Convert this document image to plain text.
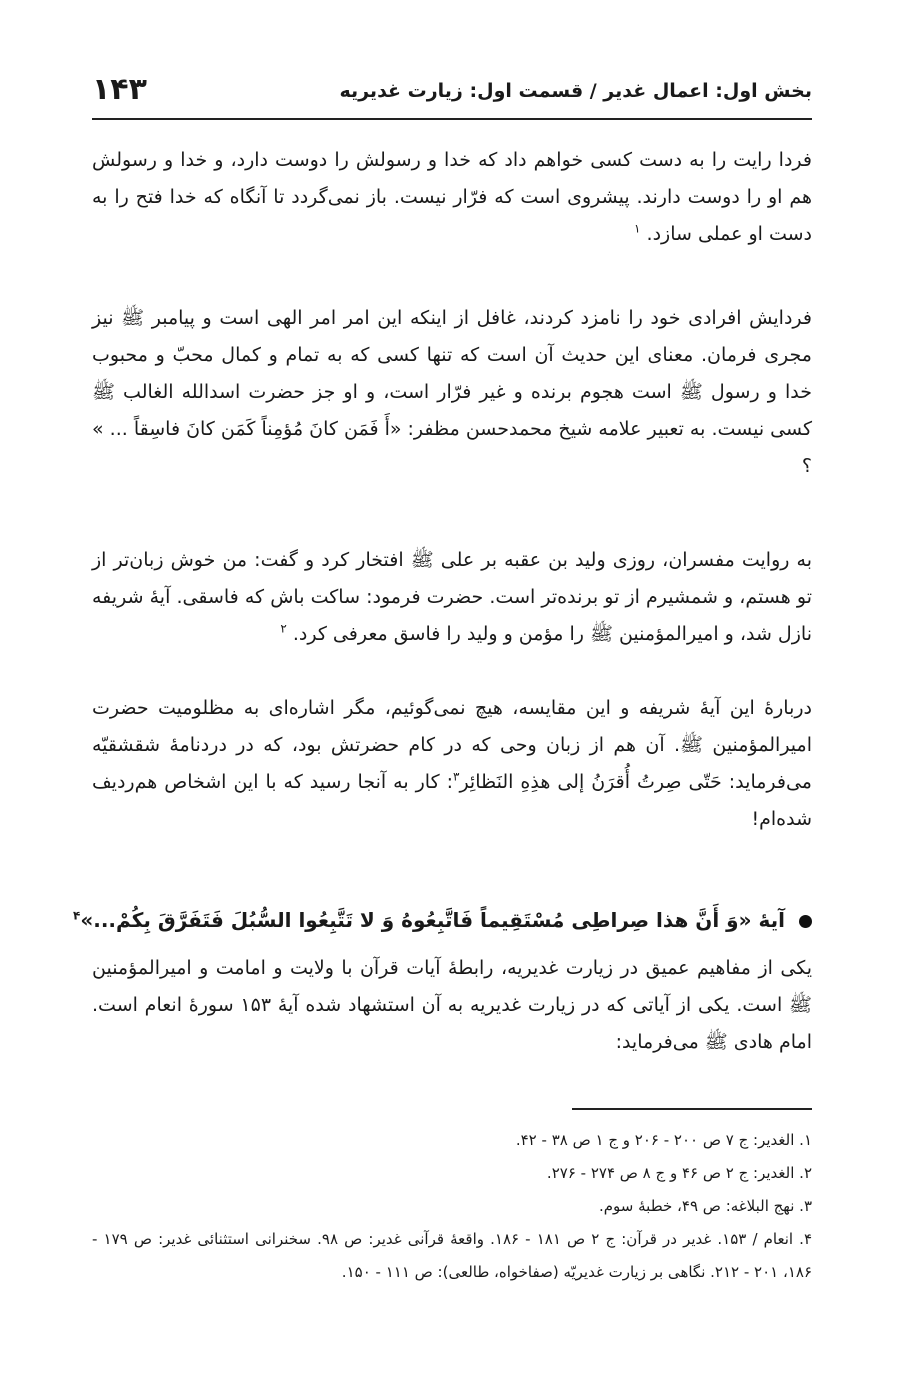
بخش اول: اعمال غدیر / قسمت اول: زیارت غدیریه
۱۴۳
فردا رایت را به دست کسی خواهم داد که خدا و رسولش را دوست دارد، و خدا و رسولش هم او را دوست دارند. پیشروی است که فرّار نیست. باز نمی‌گردد تا آنگاه که خدا فتح را به دست او عملی سازد. $^۱$
فردایش افرادی خود را نامزد کردند، غافل از اینکه این امر امر الهی است و پیامبر ﷺ نیز مجری فرمان. معنای این حدیث آن است که تنها کسی که به تمام و کمال محبّ و محبوب خدا و رسول ﷺ است هجوم برنده و غیر فرّار است، و او جز حضرت اسدالله الغالب ﷺ کسی نیست. به تعبیر علامه شیخ محمدحسن مظفر: «أَ فَمَن کانَ مُؤمِناً کَمَن کانَ فاسِقاً ... » ؟
به روایت مفسران، روزی ولید بن عقبه بر علی ﷺ افتخار کرد و گفت: من خوش زبان‌تر از تو هستم، و شمشیرم از تو برنده‌تر است. حضرت فرمود: ساکت باش که فاسقی. آیۀ شریفه نازل شد، و امیرالمؤمنین ﷺ را مؤمن و ولید را فاسق معرفی کرد. $^۲$
دربارۀ این آیۀ شریفه و این مقایسه، هیچ نمی‌گوئیم، مگر اشاره‌ای به مظلومیت حضرت امیرالمؤمنین ﷺ. آن هم از زبان وحی که در کام حضرتش بود، که در دردنامۀ شقشقیّه می‌فرماید: حَتّی صِرتُ أُقرَنُ إلی هذِهِ النَظائِر$^۳$: کار به آنجا رسید که با این اشخاص هم‌ردیف شده‌ام!
آیۀ «وَ أَنَّ هذا صِراطِی مُسْتَقِیماً فَاتَّبِعُوهُ وَ لا تَتَّبِعُوا السُّبُلَ فَتَفَرَّقَ بِکُمْ...»$^۴$
یکی از مفاهیم عمیق در زیارت غدیریه، رابطۀ آیات قرآن با ولایت و امامت و امیرالمؤمنین ﷺ است. یکی از آیاتی که در زیارت غدیریه به آن استشهاد شده آیۀ ۱۵۳ سورۀ انعام است. امام هادی ﷺ می‌فرماید:
۱. الغدیر: ج ۷ ص ۲۰۰ - ۲۰۶ و ج ۱ ص ۳۸ - ۴۲.
۲. الغدیر: ج ۲ ص ۴۶ و ج ۸ ص ۲۷۴ - ۲۷۶.
۳. نهج البلاغه: ص ۴۹، خطبۀ سوم.
۴. انعام / ۱۵۳. غدیر در قرآن: ج ۲ ص ۱۸۱ - ۱۸۶. واقعۀ قرآنی غدیر: ص ۹۸. سخنرانی استثنائی غدیر: ص ۱۷۹ - ۱۸۶، ۲۰۱ - ۲۱۲. نگاهی بر زیارت غدیریّه (صفاخواه، طالعی): ص ۱۱۱ - ۱۵۰.
